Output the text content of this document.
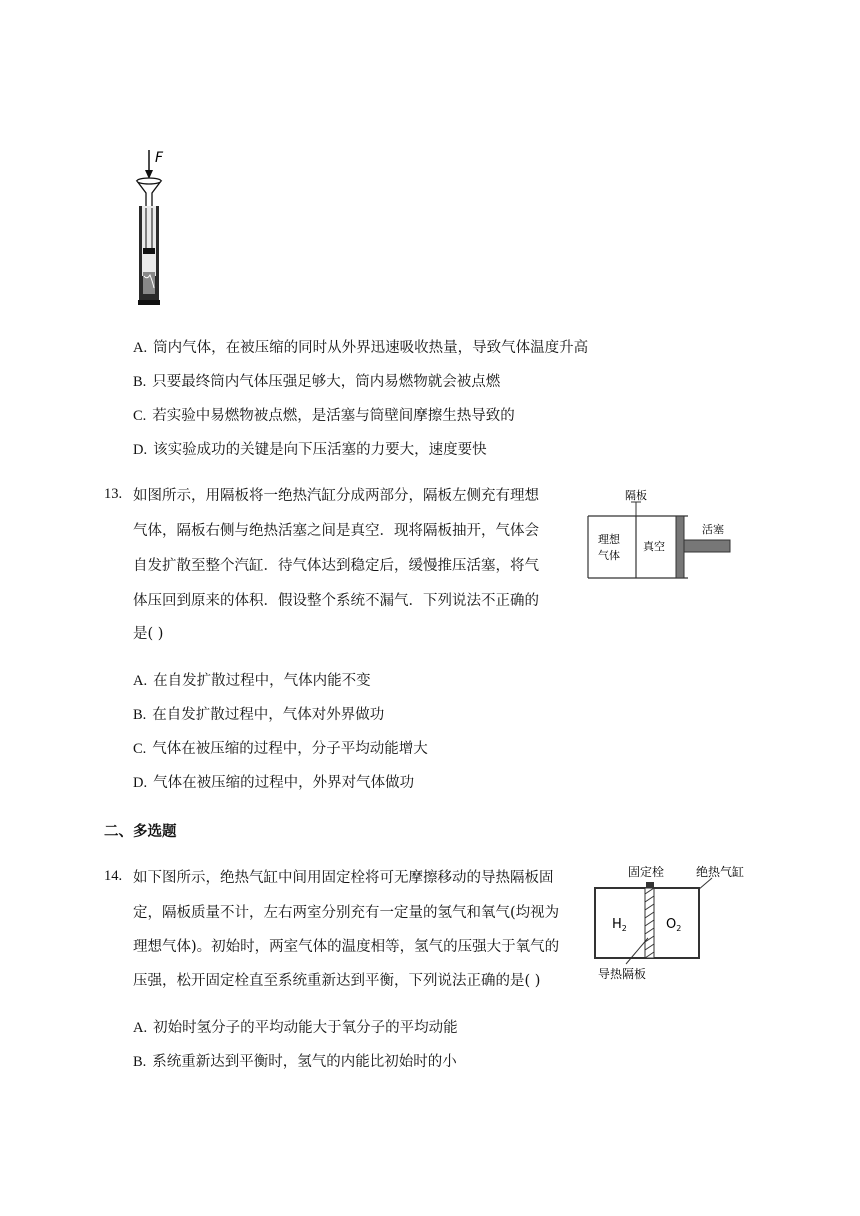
F
A. 筒内气体，在被压缩的同时从外界迅速吸收热量，导致气体温度升高
B. 只要最终筒内气体压强足够大，筒内易燃物就会被点燃
C. 若实验中易燃物被点燃，是活塞与筒壁间摩擦生热导致的
D. 该实验成功的关键是向下压活塞的力要大，速度要快
13. 如图所示，用隔板将一绝热汽缸分成两部分，隔板左侧充有理想
气体，隔板右侧与绝热活塞之间是真空．现将隔板抽开，气体会
自发扩散至整个汽缸．待气体达到稳定后，缓慢推压活塞，将气
体压回到原来的体积．假设整个系统不漏气．下列说法不正确的
是( )
隔板
理想
气体
真空
活塞
A. 在自发扩散过程中，气体内能不变
B. 在自发扩散过程中，气体对外界做功
C. 气体在被压缩的过程中，分子平均动能增大
D. 气体在被压缩的过程中，外界对气体做功
二、多选题
14. 如下图所示，绝热气缸中间用固定栓将可无摩擦移动的导热隔板固
定，隔板质量不计，左右两室分别充有一定量的氢气和氧气(均视为
理想气体)。初始时，两室气体的温度相等，氢气的压强大于氧气的
压强，松开固定栓直至系统重新达到平衡，下列说法正确的是( )
固定栓	绝热气缸
$H_2$	$O_2$
导热隔板
A. 初始时氢分子的平均动能大于氧分子的平均动能
B. 系统重新达到平衡时，氢气的内能比初始时的小
